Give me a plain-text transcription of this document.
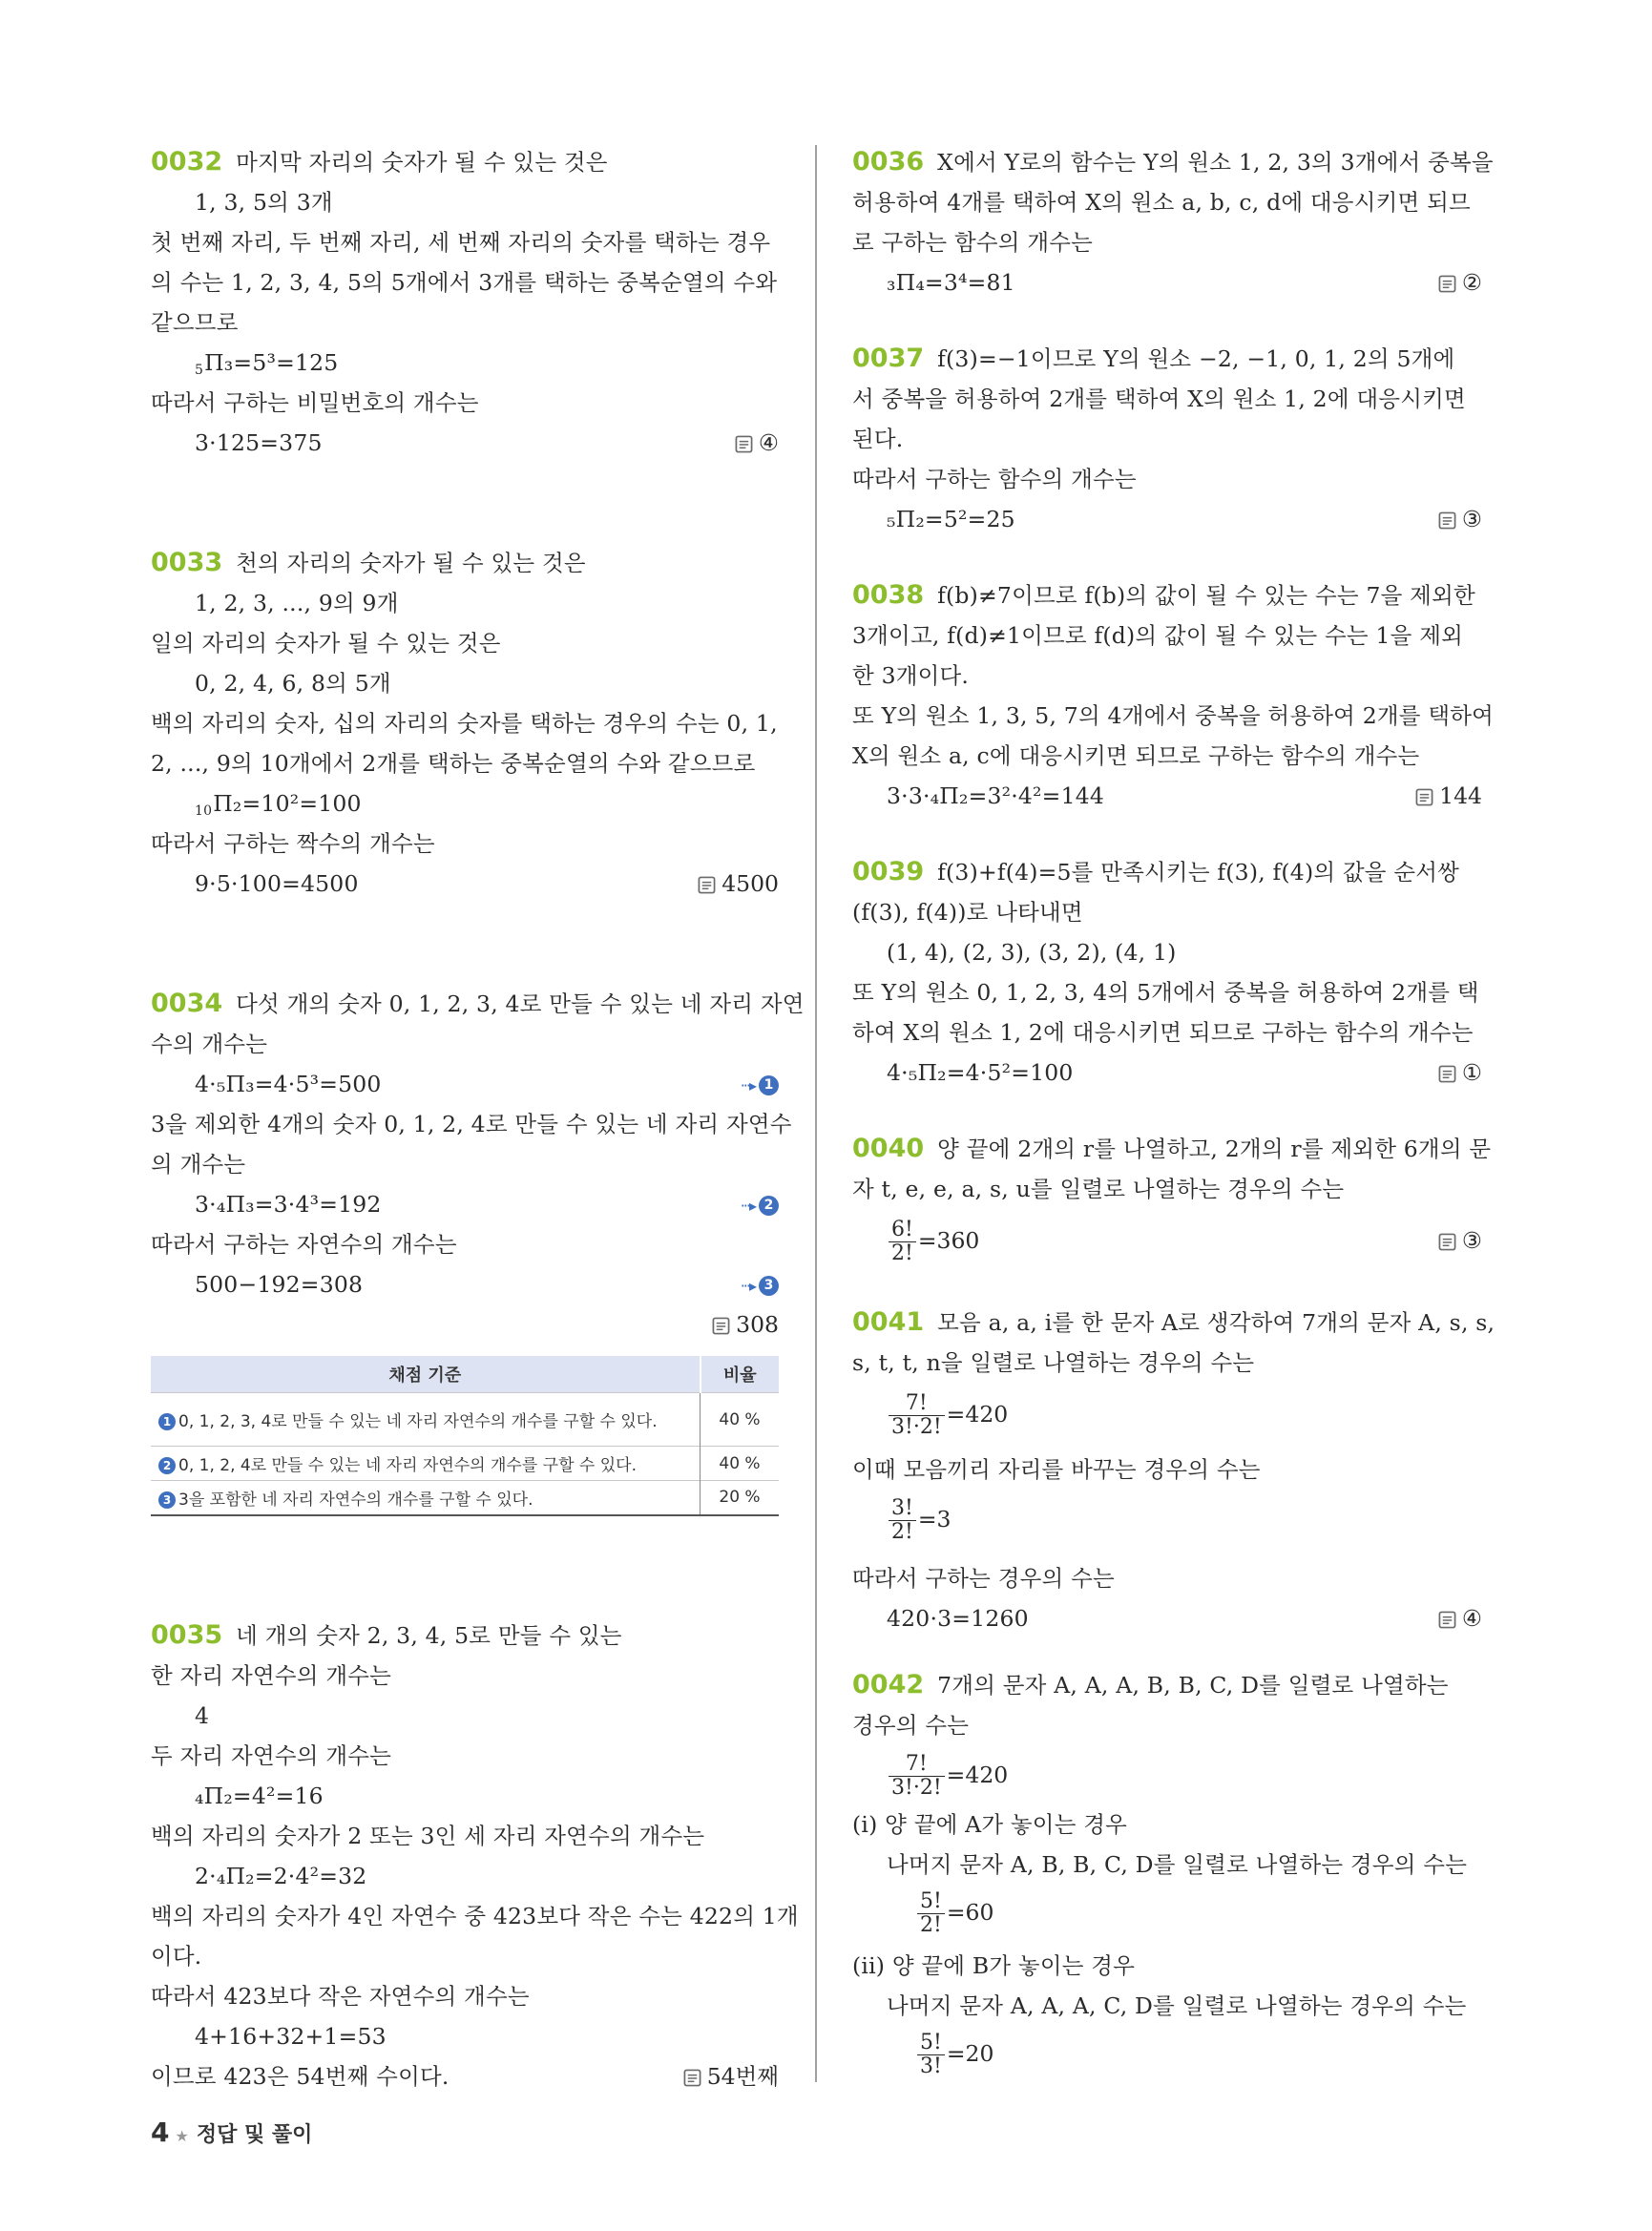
0032 마지막 자리의 숫자가 될 수 있는 것은
1, 3, 5의 3개
첫 번째 자리, 두 번째 자리, 세 번째 자리의 숫자를 택하는 경우
의 수는 1, 2, 3, 4, 5의 5개에서 3개를 택하는 중복순열의 수와
같으므로
$_5$Π₃=5³=125
따라서 구하는 비밀번호의 개수는
3·125=375	④
0033 천의 자리의 숫자가 될 수 있는 것은
1, 2, 3, ..., 9의 9개
일의 자리의 숫자가 될 수 있는 것은
0, 2, 4, 6, 8의 5개
백의 자리의 숫자, 십의 자리의 숫자를 택하는 경우의 수는 0, 1,
2, ..., 9의 10개에서 2개를 택하는 중복순열의 수와 같으므로
$_{10}$Π₂=10²=100
따라서 구하는 짝수의 개수는
9·5·100=4500	4500
0034 다섯 개의 숫자 0, 1, 2, 3, 4로 만들 수 있는 네 자리 자연
수의 개수는
4·₅Π₃=4·5³=500	···▸ 1
3을 제외한 4개의 숫자 0, 1, 2, 4로 만들 수 있는 네 자리 자연수
의 개수는
3·₄Π₃=3·4³=192	···▸ 2
따라서 구하는 자연수의 개수는
500−192=308	···▸ 3
308
채점 기준	비율
1 0, 1, 2, 3, 4로 만들 수 있는 네 자리 자연수의 개수를 구할 수 있다.	40 %
2 0, 1, 2, 4로 만들 수 있는 네 자리 자연수의 개수를 구할 수 있다.	40 %
3 3을 포함한 네 자리 자연수의 개수를 구할 수 있다.	20 %
0035 네 개의 숫자 2, 3, 4, 5로 만들 수 있는
한 자리 자연수의 개수는
4
두 자리 자연수의 개수는
₄Π₂=4²=16
백의 자리의 숫자가 2 또는 3인 세 자리 자연수의 개수는
2·₄Π₂=2·4²=32
백의 자리의 숫자가 4인 자연수 중 423보다 작은 수는 422의 1개
이다.
따라서 423보다 작은 자연수의 개수는
4+16+32+1=53
이므로 423은 54번째 수이다.	54번째
0036 X에서 Y로의 함수는 Y의 원소 1, 2, 3의 3개에서 중복을
허용하여 4개를 택하여 X의 원소 a, b, c, d에 대응시키면 되므
로 구하는 함수의 개수는
₃Π₄=3⁴=81	②
0037 f(3)=−1이므로 Y의 원소 −2, −1, 0, 1, 2의 5개에
서 중복을 허용하여 2개를 택하여 X의 원소 1, 2에 대응시키면
된다.
따라서 구하는 함수의 개수는
₅Π₂=5²=25	③
0038 f(b)≠7이므로 f(b)의 값이 될 수 있는 수는 7을 제외한
3개이고, f(d)≠1이므로 f(d)의 값이 될 수 있는 수는 1을 제외
한 3개이다.
또 Y의 원소 1, 3, 5, 7의 4개에서 중복을 허용하여 2개를 택하여
X의 원소 a, c에 대응시키면 되므로 구하는 함수의 개수는
3·3·₄Π₂=3²·4²=144	144
0039 f(3)+f(4)=5를 만족시키는 f(3), f(4)의 값을 순서쌍
(f(3), f(4))로 나타내면
(1, 4), (2, 3), (3, 2), (4, 1)
또 Y의 원소 0, 1, 2, 3, 4의 5개에서 중복을 허용하여 2개를 택
하여 X의 원소 1, 2에 대응시키면 되므로 구하는 함수의 개수는
4·₅Π₂=4·5²=100	①
0040 양 끝에 2개의 r를 나열하고, 2개의 r를 제외한 6개의 문
자 t, e, e, a, s, u를 일렬로 나열하는 경우의 수는
$\frac{6!}{2!} =360$	③
0041 모음 a, a, i를 한 문자 A로 생각하여 7개의 문자 A, s, s,
s, t, t, n을 일렬로 나열하는 경우의 수는
$\frac{7!}{3!\cdot 2!} =420$
이때 모음끼리 자리를 바꾸는 경우의 수는
$\frac{3!}{2!} =3$
따라서 구하는 경우의 수는
420·3=1260	④
0042 7개의 문자 A, A, A, B, B, C, D를 일렬로 나열하는
경우의 수는
$\frac{7!}{3!\cdot 2!} =420$
(i) 양 끝에 A가 놓이는 경우
나머지 문자 A, B, B, C, D를 일렬로 나열하는 경우의 수는
$\frac{5!}{2!} =60$
(ii) 양 끝에 B가 놓이는 경우
나머지 문자 A, A, A, C, D를 일렬로 나열하는 경우의 수는
$\frac{5!}{3!} =20$
4 ★ 정답 및 풀이
